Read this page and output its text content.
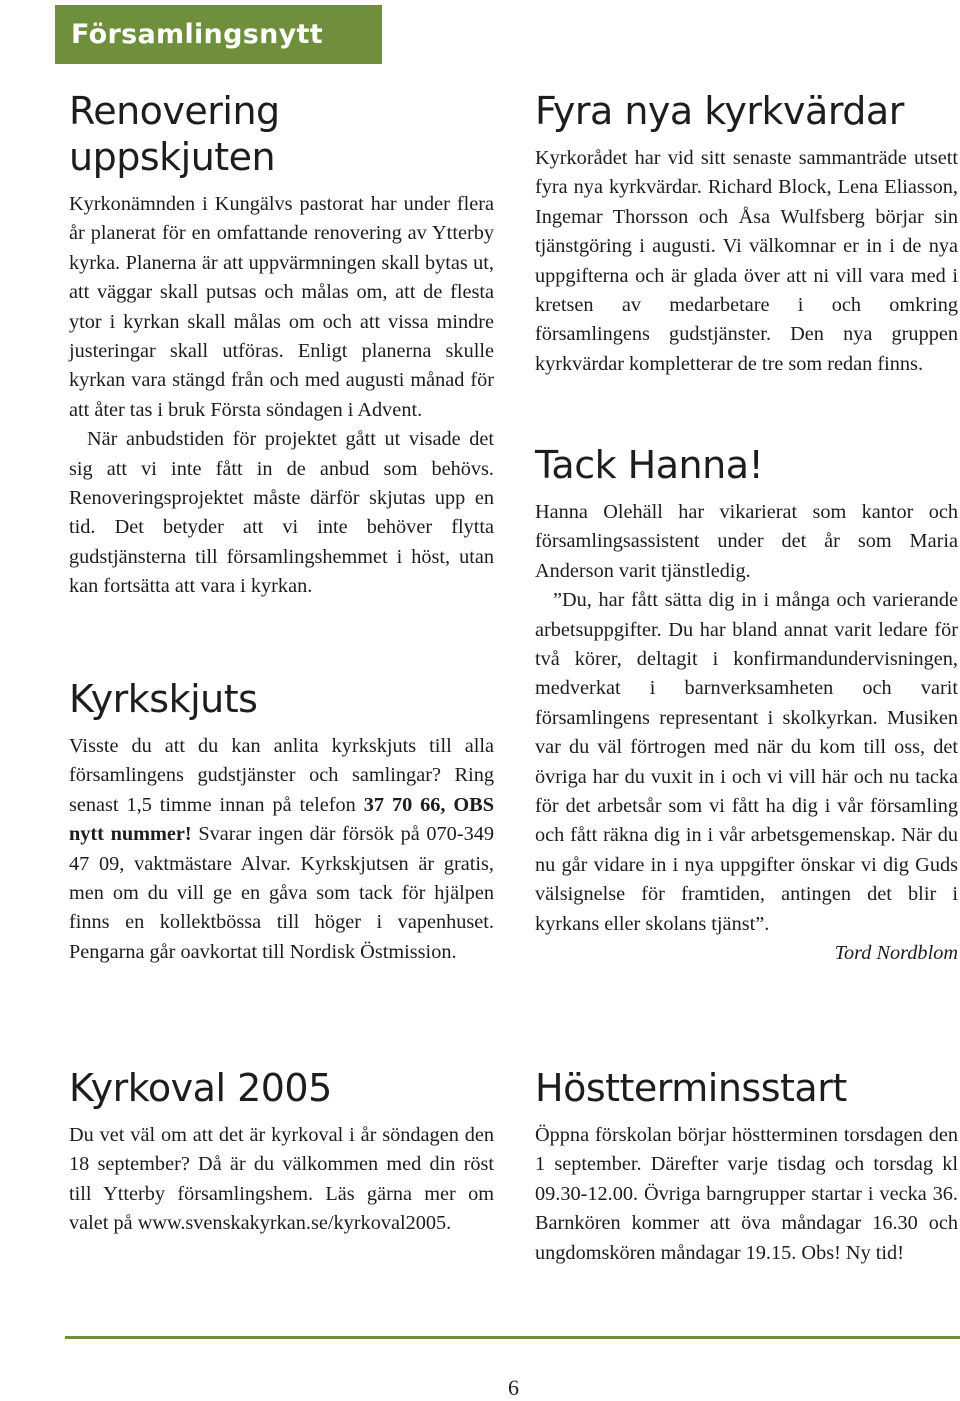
Församlingsnytt
Renovering uppskjuten

Kyrkonämnden i Kungälvs pastorat har under flera år planerat för en omfattande renovering av Ytterby kyrka. Planerna är att uppvärmningen skall bytas ut, att väggar skall putsas och målas om, att de flesta ytor i kyrkan skall målas om och att vissa mindre justeringar skall utföras. Enligt planerna skulle kyrkan vara stängd från och med augusti månad för att åter tas i bruk Första söndagen i Advent.

När anbudstiden för projektet gått ut visade det sig att vi inte fått in de anbud som behövs. Renoveringsprojektet måste därför skjutas upp en tid. Det betyder att vi inte behöver flytta gudstjänsterna till församlingshemmet i höst, utan kan fortsätta att vara i kyrkan.

Kyrkskjuts

Visste du att du kan anlita kyrkskjuts till alla församlingens gudstjänster och samlingar? Ring senast 1,5 timme innan på telefon 37 70 66, OBS nytt nummer! Svarar ingen där försök på 070-349 47 09, vaktmästare Alvar. Kyrkskjutsen är gratis, men om du vill ge en gåva som tack för hjälpen finns en kollektbössa till höger i vapenhuset. Pengarna går oavkortat till Nordisk Östmission.

Kyrkoval 2005

Du vet väl om att det är kyrkoval i år söndagen den 18 september? Då är du välkommen med din röst till Ytterby församlingshem. Läs gärna mer om valet på www.svenskakyrkan.se/kyrkoval2005.

Fyra nya kyrkvärdar

Kyrkorådet har vid sitt senaste sammanträde utsett fyra nya kyrkvärdar. Richard Block, Lena Eliasson, Ingemar Thorsson och Åsa Wulfsberg börjar sin tjänstgöring i augusti. Vi välkomnar er in i de nya uppgifterna och är glada över att ni vill vara med i kretsen av medarbetare i och omkring församlingens gudstjänster. Den nya gruppen kyrkvärdar kompletterar de tre som redan finns.

Tack Hanna!

Hanna Olehäll har vikarierat som kantor och församlingsassistent under det år som Maria Anderson varit tjänstledig.

”Du, har fått sätta dig in i många och varierande arbetsuppgifter. Du har bland annat varit ledare för två körer, deltagit i konfirmandundervisningen, medverkat i barnverksamheten och varit församlingens representant i skolkyrkan. Musiken var du väl förtrogen med när du kom till oss, det övriga har du vuxit in i och vi vill här och nu tacka för det arbetsår som vi fått ha dig i vår församling och fått räkna dig in i vår arbetsgemenskap. När du nu går vidare in i nya uppgifter önskar vi dig Guds välsignelse för framtiden, antingen det blir i kyrkans eller skolans tjänst”.

Tord Nordblom

Höstterminsstart

Öppna förskolan börjar höstterminen torsdagen den 1 september. Därefter varje tisdag och torsdag kl 09.30-12.00. Övriga barngrupper startar i vecka 36. Barnkören kommer att öva måndagar 16.30 och ungdomskören måndagar 19.15. Obs! Ny tid!

6
